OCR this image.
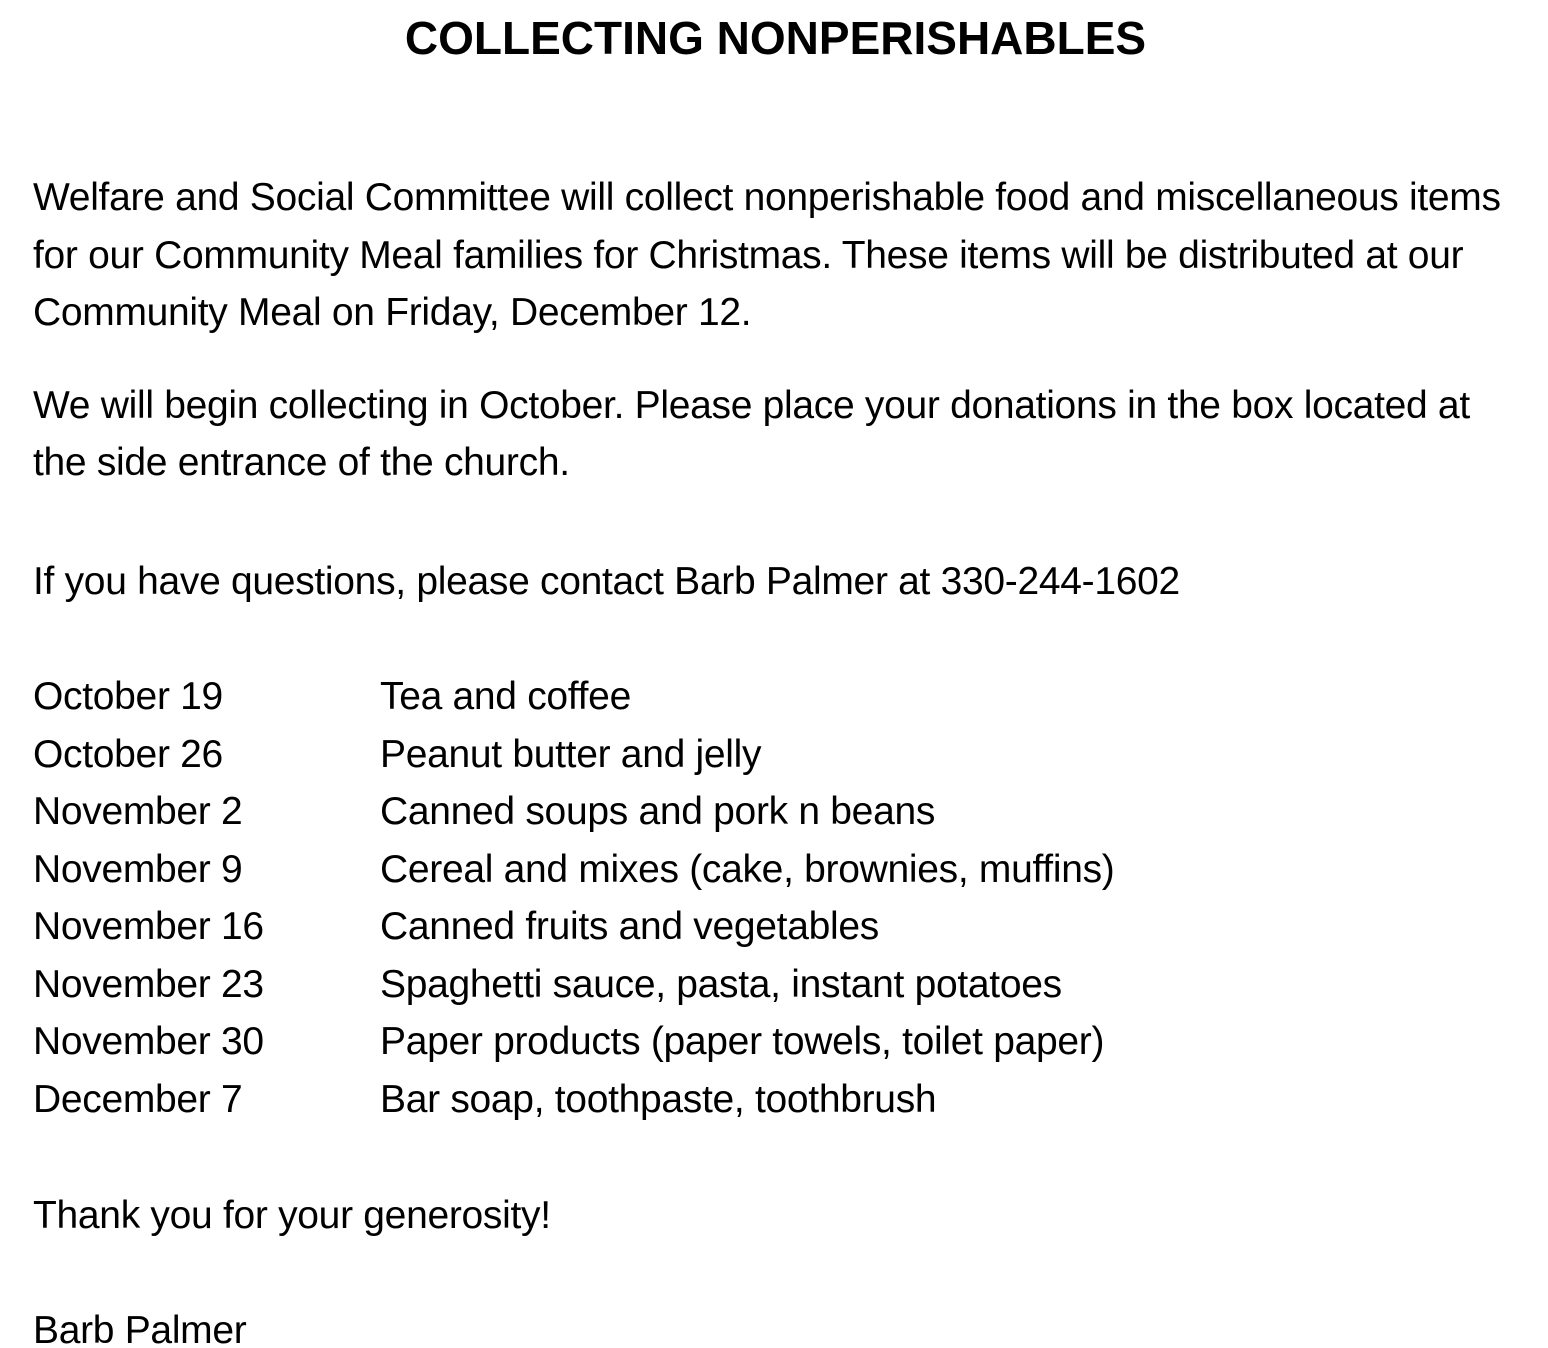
COLLECTING NONPERISHABLES

Welfare and Social Committee will collect nonperishable food and miscellaneous items for our Community Meal families for Christmas. These items will be distributed at our Community Meal on Friday, December 12.

We will begin collecting in October. Please place your donations in the box located at the side entrance of the church.

If you have questions, please contact Barb Palmer at 330-244-1602

October 19	Tea and coffee
October 26	Peanut butter and jelly
November 2	Canned soups and pork n beans
November 9	Cereal and mixes (cake, brownies, muffins)
November 16	Canned fruits and vegetables
November 23	Spaghetti sauce, pasta, instant potatoes
November 30	Paper products (paper towels, toilet paper)
December 7	Bar soap, toothpaste, toothbrush

Thank you for your generosity!

Barb Palmer
